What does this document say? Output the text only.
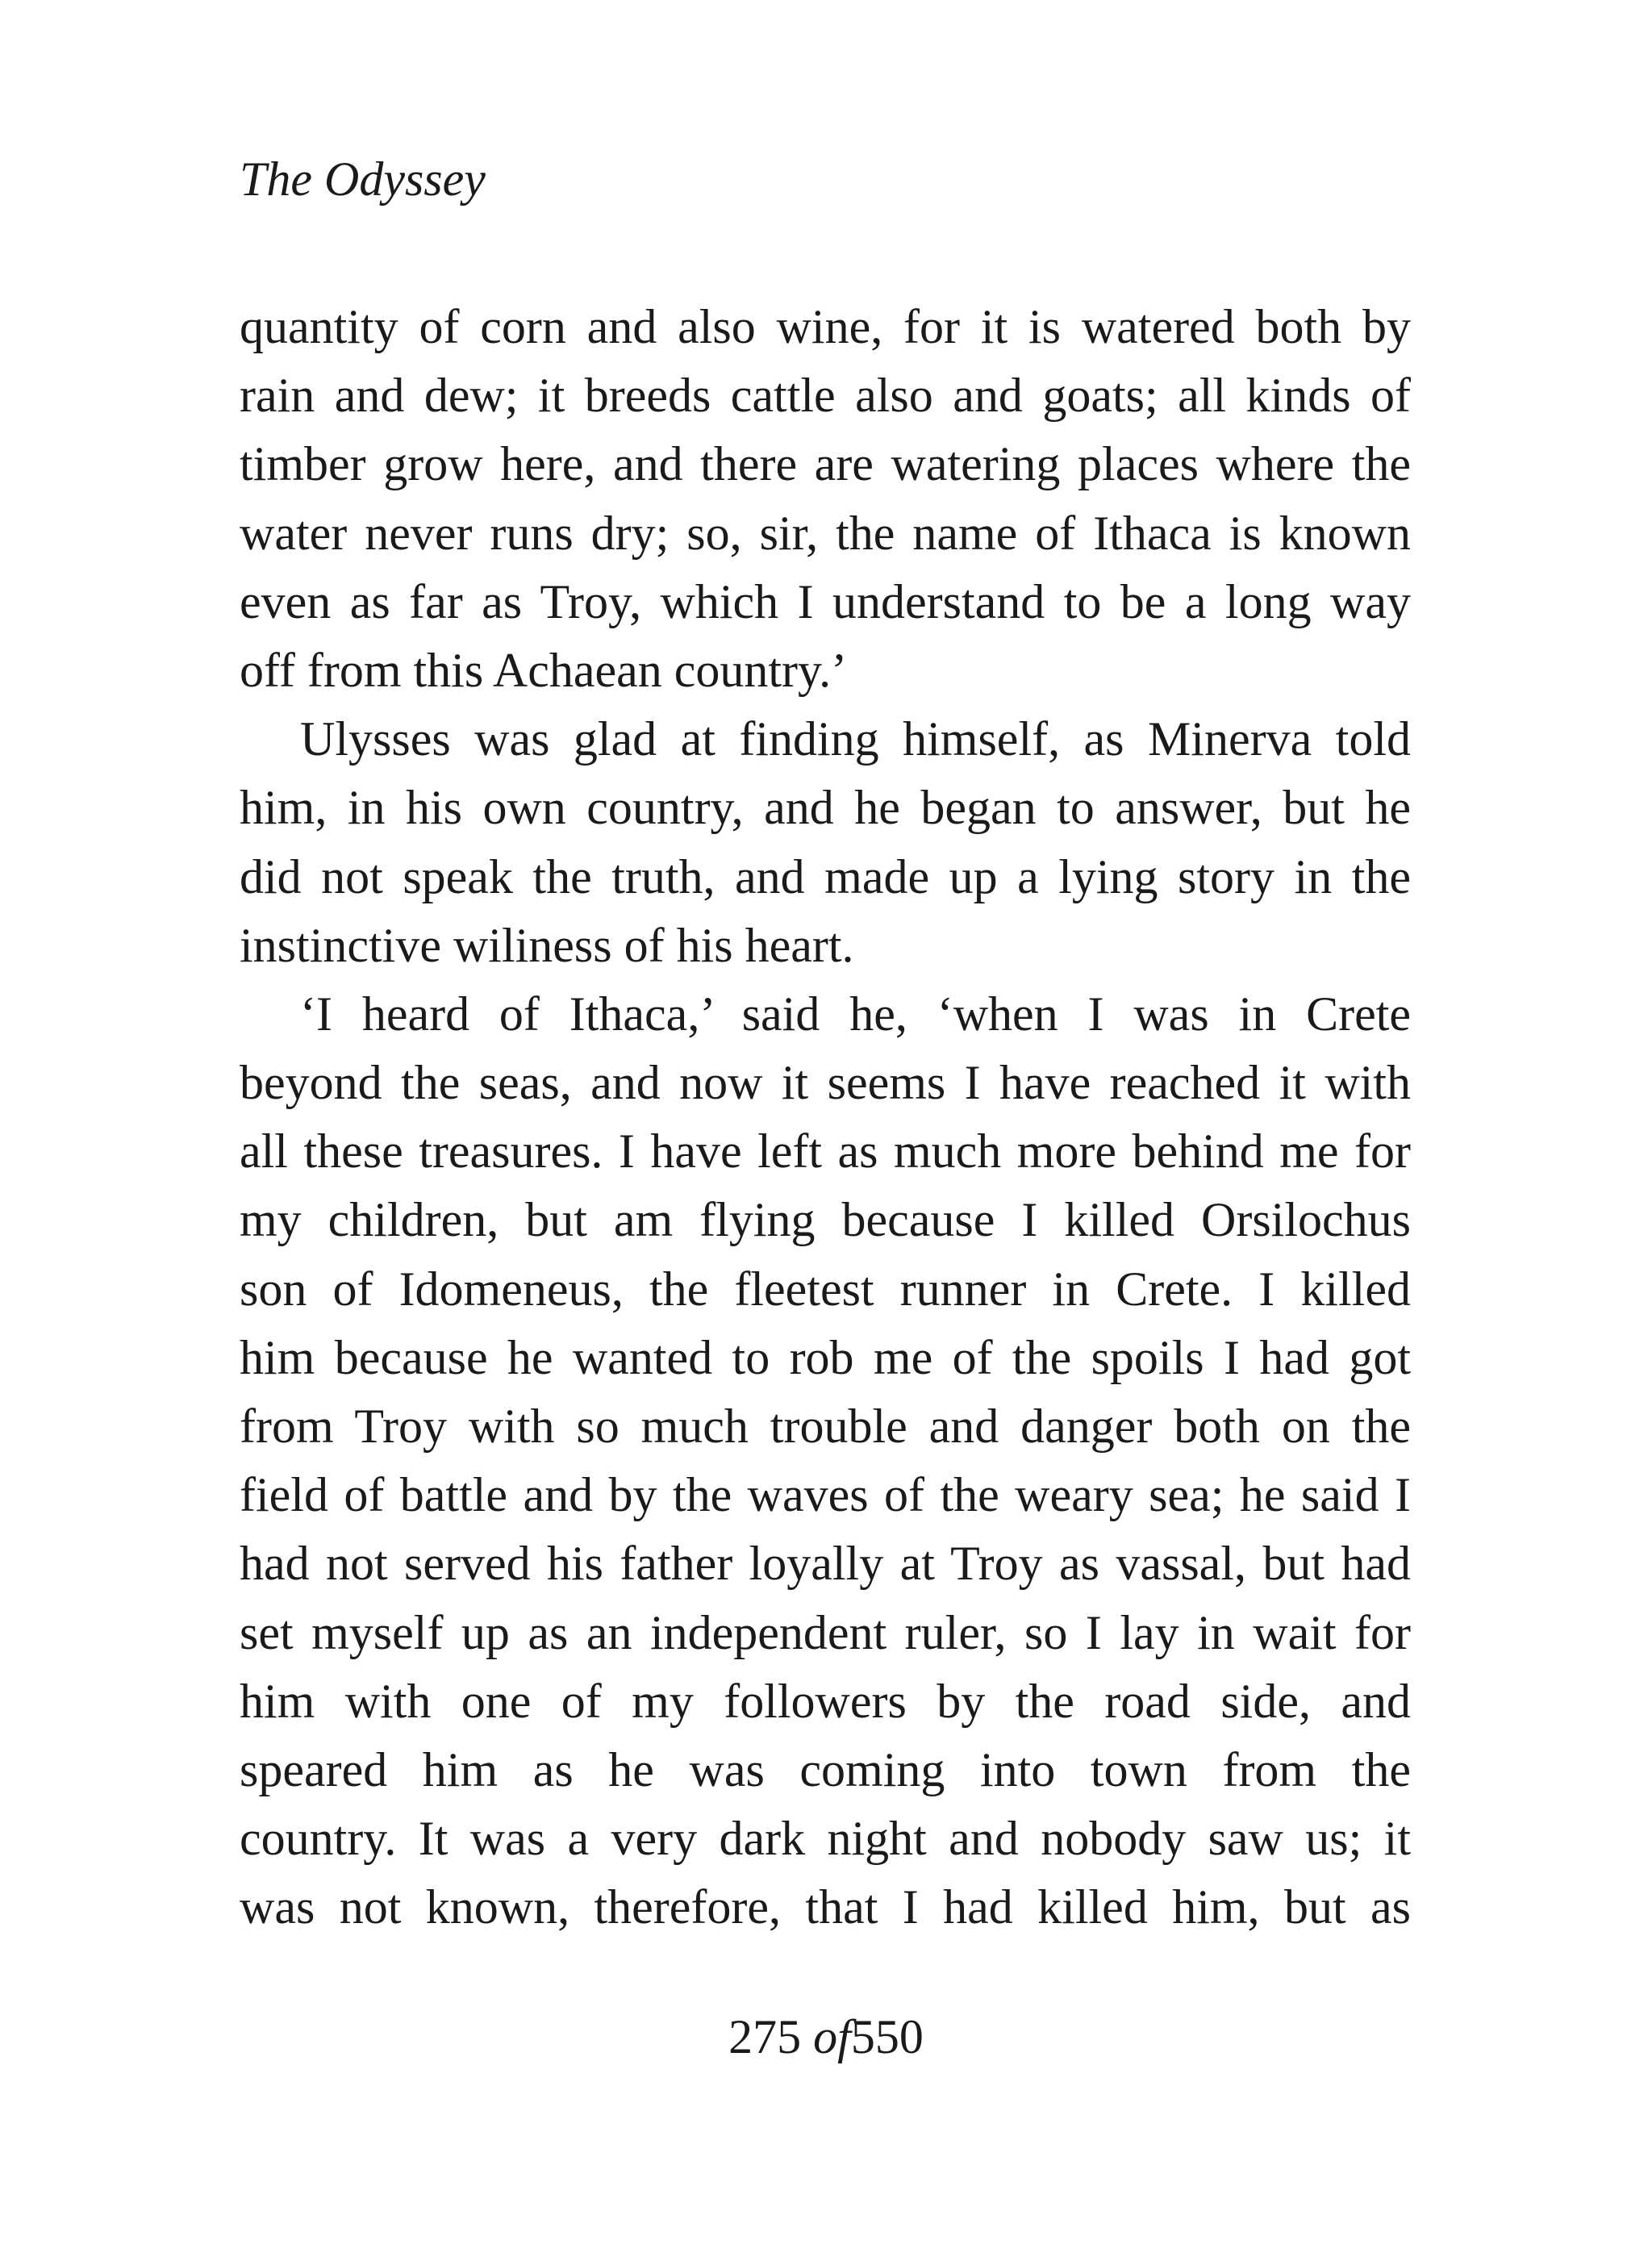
The Odyssey
quantity of corn and also wine, for it is watered both by
rain and dew; it breeds cattle also and goats; all kinds of
timber grow here, and there are watering places where the
water never runs dry; so, sir, the name of Ithaca is known
even as far as Troy, which I understand to be a long way
off from this Achaean country.’
Ulysses was glad at finding himself, as Minerva told
him, in his own country, and he began to answer, but he
did not speak the truth, and made up a lying story in the
instinctive wiliness of his heart.
‘I heard of Ithaca,’ said he, ‘when I was in Crete
beyond the seas, and now it seems I have reached it with
all these treasures. I have left as much more behind me for
my children, but am flying because I killed Orsilochus
son of Idomeneus, the fleetest runner in Crete. I killed
him because he wanted to rob me of the spoils I had got
from Troy with so much trouble and danger both on the
field of battle and by the waves of the weary sea; he said I
had not served his father loyally at Troy as vassal, but had
set myself up as an independent ruler, so I lay in wait for
him with one of my followers by the road side, and
speared him as he was coming into town from the
country. It was a very dark night and nobody saw us; it
was not known, therefore, that I had killed him, but as
275 of550
